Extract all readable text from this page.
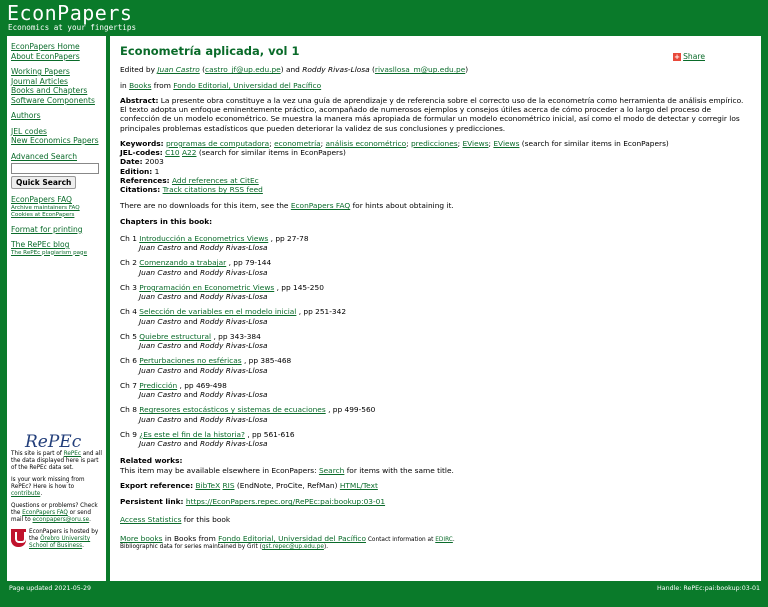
EconPapers
Economics at your fingertips
EconPapers Home
About EconPapers
Working Papers
Journal Articles
Books and Chapters
Software Components
Authors
JEL codes
New Economics Papers
Advanced Search
Quick Search
EconPapers FAQ
Archive maintainers FAQ
Cookies at EconPapers
Format for printing
The RePEc blog
The RePEc plagiarism page
RePEc

This site is part of RePEc and all the data displayed here is part of the RePEc data set.

Is your work missing from RePEc? Here is how to contribute.

Questions or problems? Check the EconPapers FAQ or send mail to econpapers@oru.se.

EconPapers is hosted by the Örebro University School of Business.
Econometría aplicada, vol 1	+ Share
Edited by Juan Castro (castro_jf@up.edu.pe) and Roddy Rivas-Llosa (rivasllosa_m@up.edu.pe)
in Books from Fondo Editorial, Universidad del Pacífico
Abstract: La presente obra constituye a la vez una guía de aprendizaje y de referencia sobre el correcto uso de la econometría como herramienta de análisis empírico. El texto adopta un enfoque eminentemente práctico, acompañado de numerosos ejemplos y consejos útiles acerca de cómo proceder a lo largo del proceso de confección de un modelo econométrico. Se muestra la manera más apropiada de formular un modelo econométrico inicial, así como el modo de detectar y corregir los principales problemas estadísticos que pueden deteriorar la validez de sus conclusiones y predicciones.
Keywords: programas de computadora; econometría; análisis econométrico; predicciones; EViews; EViews (search for similar items in EconPapers)
JEL-codes: C10 A22 (search for similar items in EconPapers)
Date: 2003
Edition: 1
References: Add references at CitEc
Citations: Track citations by RSS feed
There are no downloads for this item, see the EconPapers FAQ for hints about obtaining it.
Chapters in this book:
Ch 1 Introducción a Econometrics Views , pp 27-78
Juan Castro and Roddy Rivas-Llosa
Ch 2 Comenzando a trabajar , pp 79-144
Juan Castro and Roddy Rivas-Llosa
Ch 3 Programación en Econometric Views , pp 145-250
Juan Castro and Roddy Rivas-Llosa
Ch 4 Selección de variables en el modelo inicial , pp 251-342
Juan Castro and Roddy Rivas-Llosa
Ch 5 Quiebre estructural , pp 343-384
Juan Castro and Roddy Rivas-Llosa
Ch 6 Perturbaciones no esféricas , pp 385-468
Juan Castro and Roddy Rivas-Llosa
Ch 7 Predicción , pp 469-498
Juan Castro and Roddy Rivas-Llosa
Ch 8 Regresores estocásticos y sistemas de ecuaciones , pp 499-560
Juan Castro and Roddy Rivas-Llosa
Ch 9 ¿Es este el fin de la historia? , pp 561-616
Juan Castro and Roddy Rivas-Llosa
Related works:
This item may be available elsewhere in EconPapers: Search for items with the same title.
Export reference: BibTeX RIS (EndNote, ProCite, RefMan) HTML/Text
Persistent link: https://EconPapers.repec.org/RePEc:pai:bookup:03-01
Access Statistics for this book
More books in Books from Fondo Editorial, Universidad del Pacífico Contact information at EDIRC.
Bibliographic data for series maintained by Grit (gst.repec@up.edu.pe).
Page updated 2021-05-29	Handle: RePEc:pai:bookup:03-01
